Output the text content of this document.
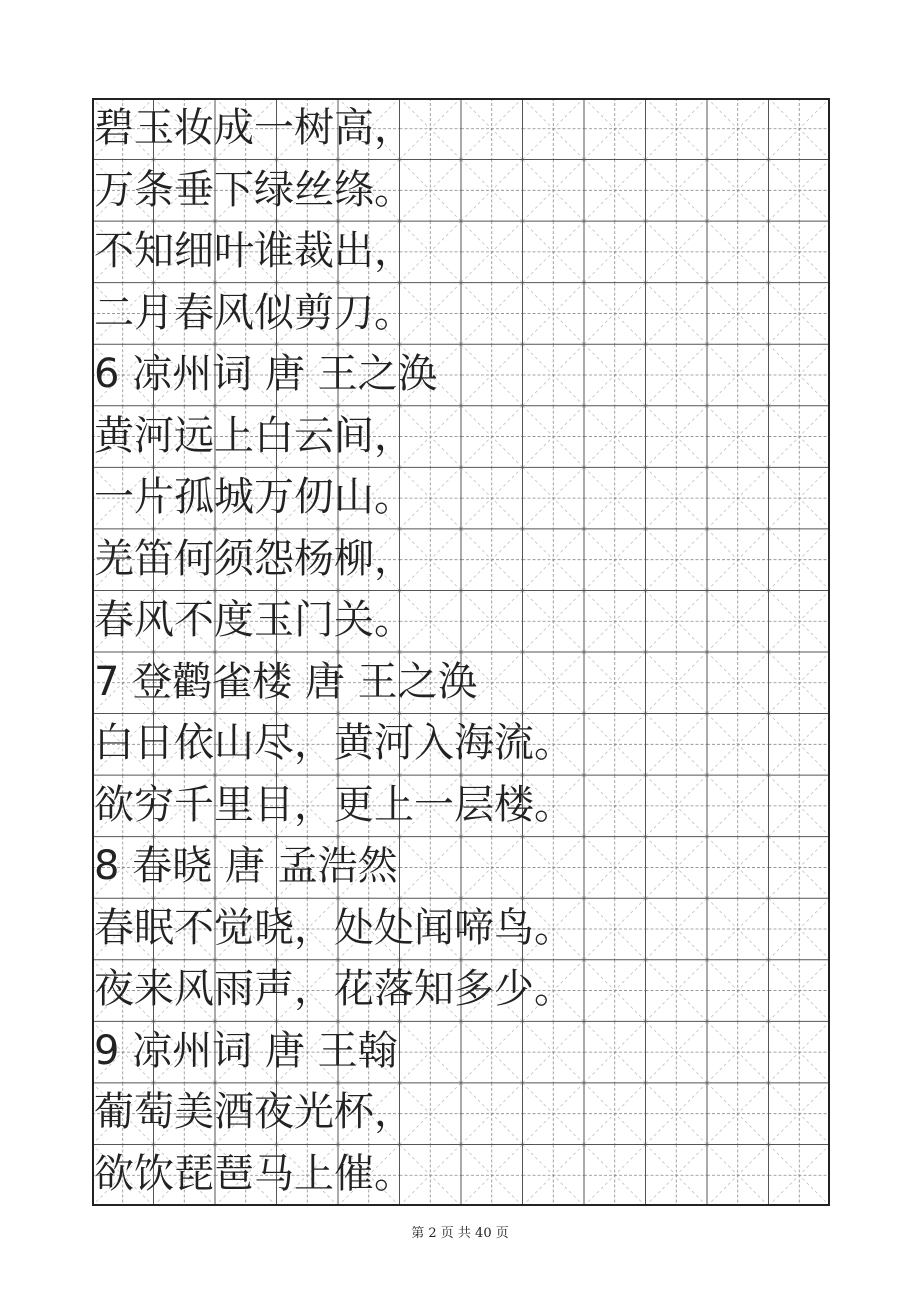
碧玉妆成一树高，
万条垂下绿丝绦。
不知细叶谁裁出，
二月春风似剪刀。
6 凉州词 唐 王之涣
黄河远上白云间，
一片孤城万仞山。
羌笛何须怨杨柳，
春风不度玉门关。
7 登鹳雀楼 唐 王之涣
白日依山尽，黄河入海流。
欲穷千里目，更上一层楼。
8 春晓 唐 孟浩然
春眠不觉晓，处处闻啼鸟。
夜来风雨声，花落知多少。
9 凉州词 唐 王翰
葡萄美酒夜光杯，
欲饮琵琶马上催。
第 2 页 共 40 页
